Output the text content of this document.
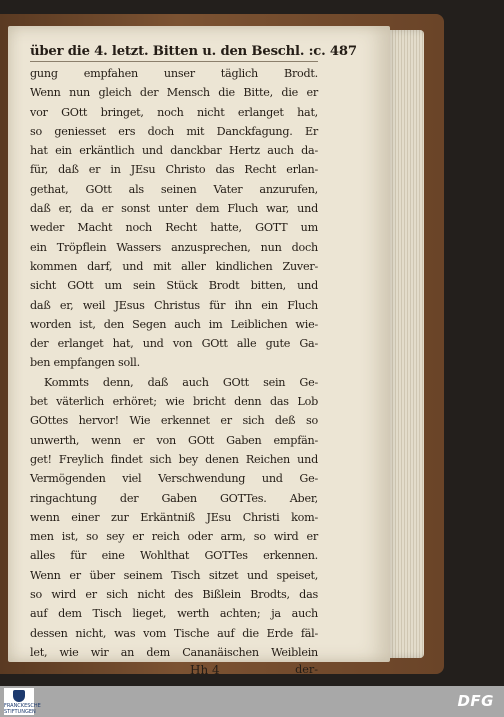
über die 4. letzt. Bitten u. den Beschl. :c. 487
gung empfahen unser täglich Brodt.
Wenn nun gleich der Mensch die Bitte, die er
vor GOtt bringet, noch nicht erlanget hat,
so geniesset ers doch mit Danckfagung. Er
hat ein erkäntlich und danckbar Hertz auch da-
für, daß er in JEsu Christo das Recht erlan-
gethat, GOtt als seinen Vater anzurufen,
daß er, da er sonst unter dem Fluch war, und
weder Macht noch Recht hatte, GOTT um
ein Tröpflein Wassers anzusprechen, nun doch
kommen darf, und mit aller kindlichen Zuver-
sicht GOtt um sein Stück Brodt bitten, und
daß er, weil JEsus Christus für ihn ein Fluch
worden ist, den Segen auch im Leiblichen wie-
der erlanget hat, und von GOtt alle gute Ga-
ben empfangen soll.
Kommts denn, daß auch GOtt sein Ge-
bet väterlich erhöret; wie bricht denn das Lob
GOttes hervor! Wie erkennet er sich deß so
unwerth, wenn er von GOtt Gaben empfän-
get! Freylich findet sich bey denen Reichen und
Vermögenden viel Verschwendung und Ge-
ringachtung der Gaben GOTTes. Aber,
wenn einer zur Erkäntniß JEsu Christi kom-
men ist, so sey er reich oder arm, so wird er
alles für eine Wohlthat GOTTes erkennen.
Wenn er über seinem Tisch sitzet und speiset,
so wird er sich nicht des Bißlein Brodts, das
auf dem Tisch lieget, werth achten; ja auch
dessen nicht, was vom Tische auf die Erde fäl-
let, wie wir an dem Cananäischen Weiblein
Hh 4	der-
FRANCKESCHE STIFTUNGEN
DFG
